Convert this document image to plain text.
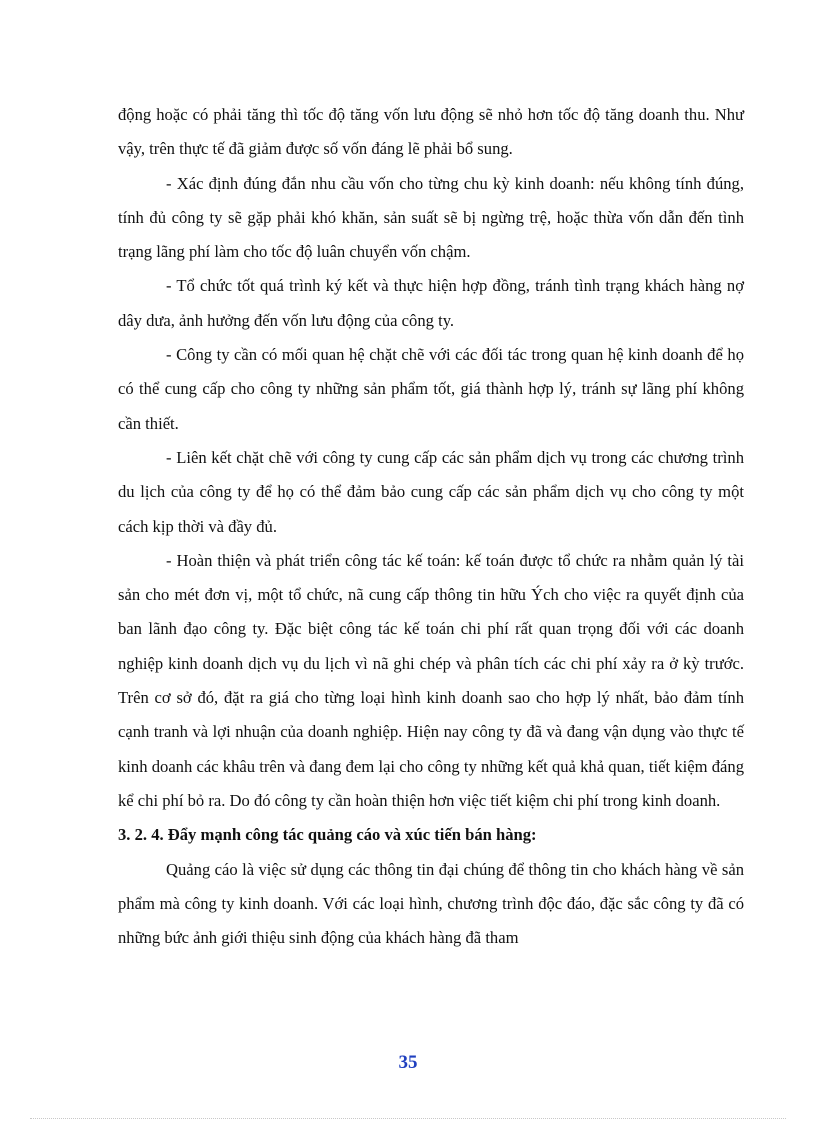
động hoặc có phải tăng thì tốc độ tăng vốn lưu động sẽ nhỏ hơn tốc độ tăng doanh thu. Như vậy, trên thực tế đã giảm được số vốn đáng lẽ phải bổ sung.

- Xác định đúng đắn nhu cầu vốn cho từng chu kỳ kinh doanh: nếu không tính đúng, tính đủ công ty sẽ gặp phải khó khăn, sản suất sẽ bị ngừng trệ, hoặc thừa vốn dẫn đến tình trạng lãng phí làm cho tốc độ luân chuyển vốn chậm.

- Tổ chức tốt quá trình ký kết và thực hiện hợp đồng, tránh tình trạng khách hàng nợ dây dưa, ảnh hưởng đến vốn lưu động của công ty.

- Công ty cần có mối quan hệ chặt chẽ với các đối tác trong quan hệ kinh doanh để họ có thể cung cấp cho công ty những sản phẩm tốt, giá thành hợp lý, tránh sự lãng phí không cần thiết.

- Liên kết chặt chẽ với công ty cung cấp các sản phẩm dịch vụ trong các chương trình du lịch của công ty để họ có thể đảm bảo cung cấp các sản phẩm dịch vụ cho công ty một cách kịp thời và đầy đủ.

- Hoàn thiện và phát triển công tác kế toán: kế toán được tổ chức ra nhằm quản lý tài sản cho mét đơn vị, một tổ chức, nã cung cấp thông tin hữu Ých cho việc ra quyết định của ban lãnh đạo công ty. Đặc biệt công tác kế toán chi phí rất quan trọng đối với các doanh nghiệp kinh doanh dịch vụ du lịch vì nã ghi chép và phân tích các chi phí xảy ra ở kỳ trước. Trên cơ sở đó, đặt ra giá cho từng loại hình kinh doanh sao cho hợp lý nhất, bảo đảm tính cạnh tranh và lợi nhuận của doanh nghiệp. Hiện nay công ty đã và đang vận dụng vào thực tế kinh doanh các khâu trên và đang đem lại cho công ty những kết quả khả quan, tiết kiệm đáng kể chi phí bỏ ra. Do đó công ty cần hoàn thiện hơn việc tiết kiệm chi phí trong kinh doanh.

3. 2. 4. Đẩy mạnh công tác quảng cáo và xúc tiến bán hàng:

Quảng cáo là việc sử dụng các thông tin đại chúng để thông tin cho khách hàng về sản phẩm mà công ty kinh doanh. Với các loại hình, chương trình độc đáo, đặc sắc công ty đã có những bức ảnh giới thiệu sinh động của khách hàng đã tham

35
